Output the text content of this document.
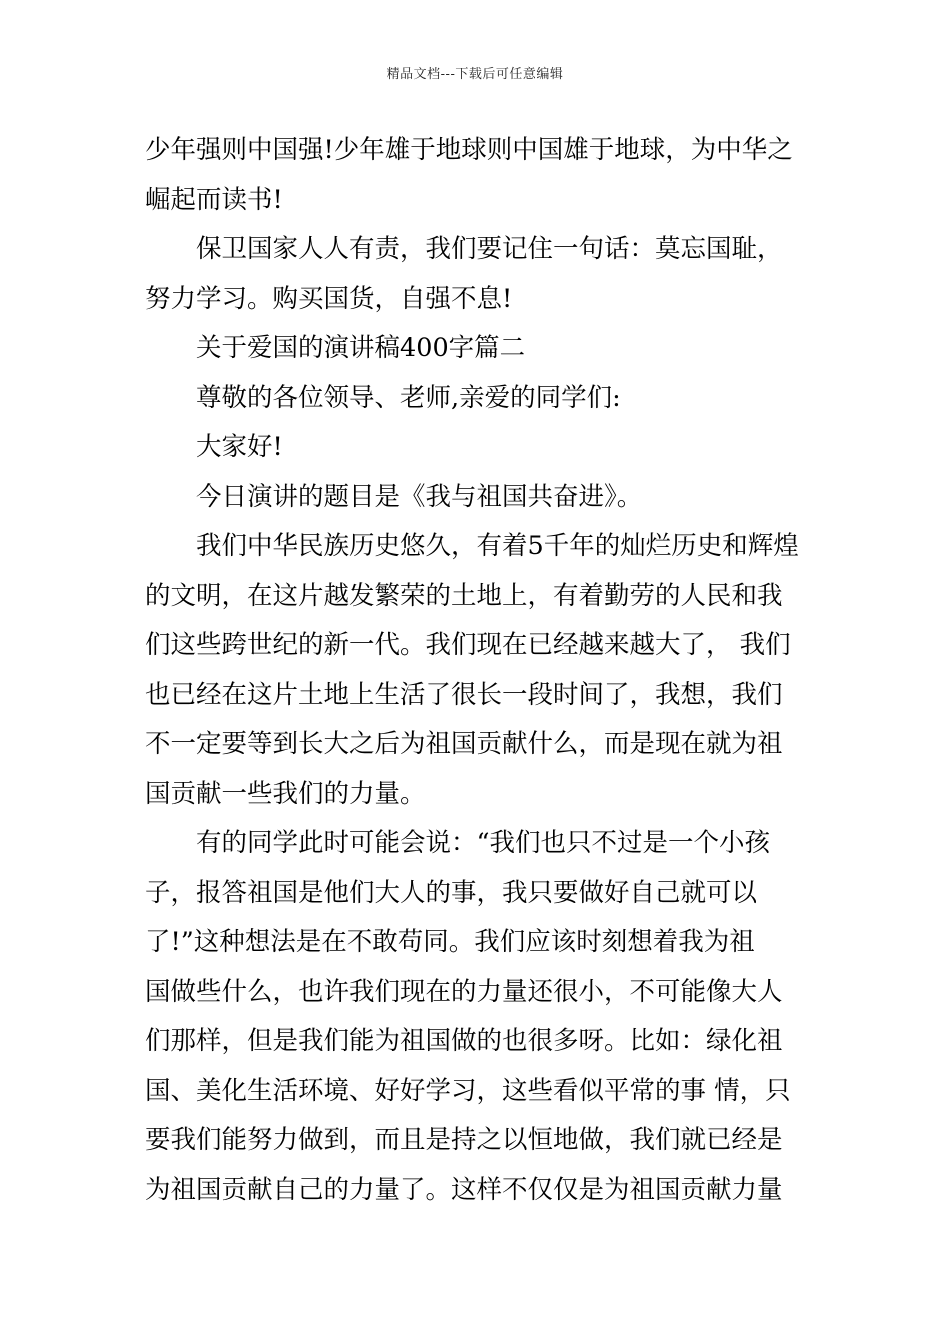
精品文档---下载后可任意编辑

少年强则中国强!少年雄于地球则中国雄于地球，为中华之
崛起而读书!

保卫国家人人有责，我们要记住一句话：莫忘国耻，
努力学习。购买国货，自强不息!

关于爱国的演讲稿400字篇二

尊敬的各位领导、老师,亲爱的同学们:

大家好!

今日演讲的题目是《我与祖国共奋进》。

我们中华民族历史悠久，有着5千年的灿烂历史和辉煌
的文明，在这片越发繁荣的土地上，有着勤劳的人民和我
们这些跨世纪的新一代。我们现在已经越来越大了， 我们
也已经在这片土地上生活了很长一段时间了，我想，我们
不一定要等到长大之后为祖国贡献什么，而是现在就为祖
国贡献一些我们的力量。

有的同学此时可能会说：“我们也只不过是一个小孩
子，报答祖国是他们大人的事，我只要做好自己就可以
了!”这种想法是在不敢苟同。我们应该时刻想着我为祖
国做些什么，也许我们现在的力量还很小，不可能像大人
们那样，但是我们能为祖国做的也很多呀。比如：绿化祖
国、美化生活环境、好好学习，这些看似平常的事 情，只
要我们能努力做到，而且是持之以恒地做，我们就已经是
为祖国贡献自己的力量了。这样不仅仅是为祖国贡献力量
